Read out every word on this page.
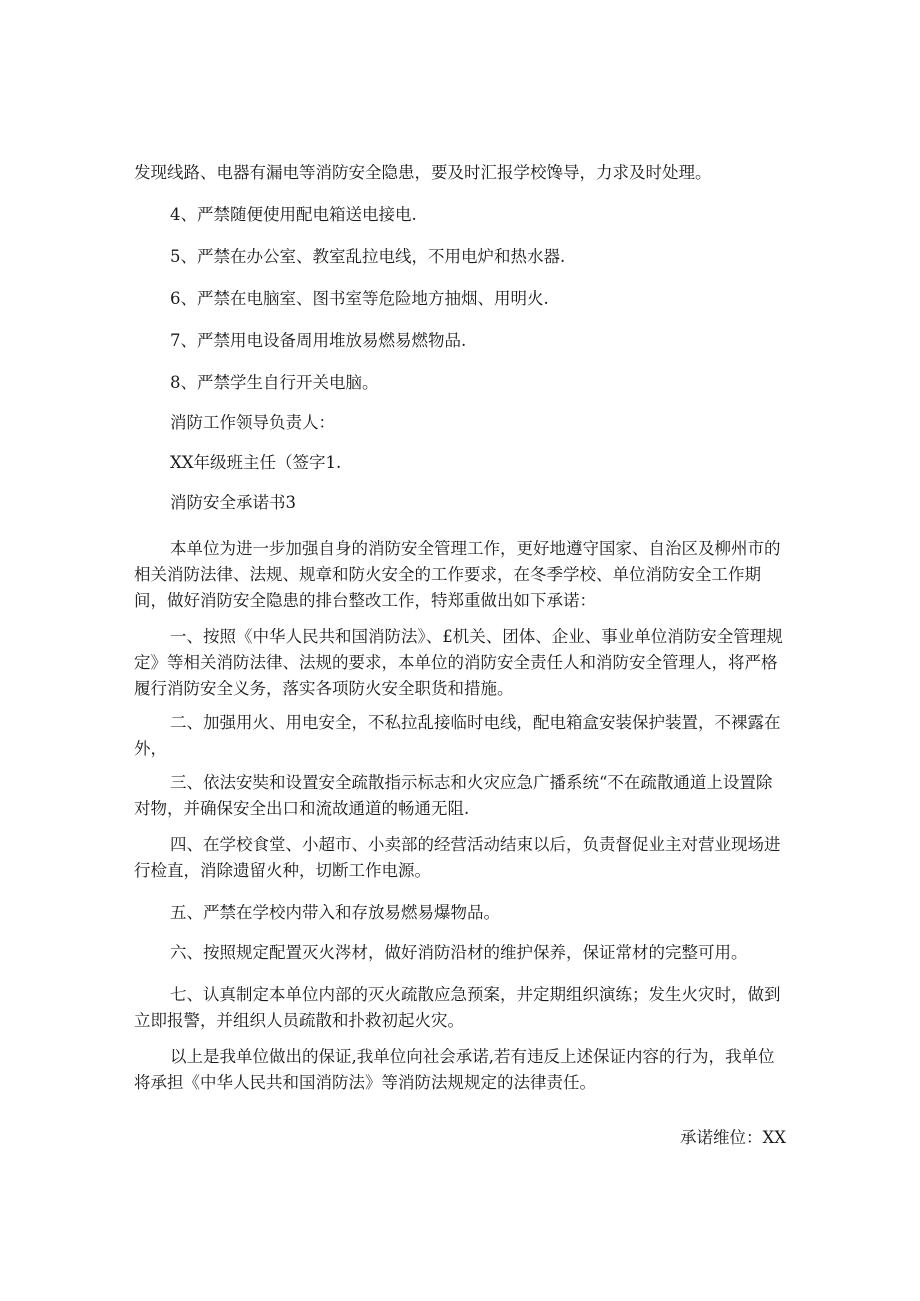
发现线路、电器有漏电等消防安全隐患，要及时汇报学校馋导，力求及时处理。

4、严禁随便使用配电箱送电接电.

5、严禁在办公室、教室乱拉电线，不用电炉和热水器.

6、严禁在电脑室、图书室等危险地方抽烟、用明火.

7、严禁用电设备周用堆放易燃易燃物品.

8、严禁学生自行开关电脑。

消防工作领导负责人：

XX年级班主任（签字1.

消防安全承诺书3

本单位为进一步加强自身的消防安全管理工作，更好地遵守国家、自治区及柳州市的相关消防法律、法规、规章和防火安全的工作要求，在冬季学校、单位消防安全工作期间，做好消防安全隐患的排台整改工作，特郑重做出如下承诺：

一、按照《中华人民共和国消防法》、£机关、团体、企业、事业单位消防安全管理规定》等相关消防法律、法规的要求，本单位的消防安全责任人和消防安全管理人，将严格履行消防安全义务，落实各项防火安全职货和措施。

二、加强用火、用电安全，不私拉乱接临时电线，配电箱盒安装保护装置，不裸露在外，

三、依法安奘和设置安全疏散指示标志和火灾应急广播系统“不在疏散通道上设置除对物，并确保安全出口和流故通道的畅通无阻.

四、在学校食堂、小超市、小卖部的经营活动结束以后，负责督促业主对营业现场进行检直，消除遗留火种，切断工作电源。

五、严禁在学校内带入和存放易燃易爆物品。

六、按照规定配置灭火涔材，做好消防沿材的维护保养，保证常材的完整可用。

七、认真制定本单位内部的灭火疏散应急预案，井定期组织演练；发生火灾时，做到立即报警，并组织人员疏散和扑救初起火灾。

以上是我单位做出的保证,我单位向社会承诺,若有违反上述保证内容的行为，我单位将承担《中华人民共和国消防法》等消防法规规定的法律责任。

承诺维位：XX
